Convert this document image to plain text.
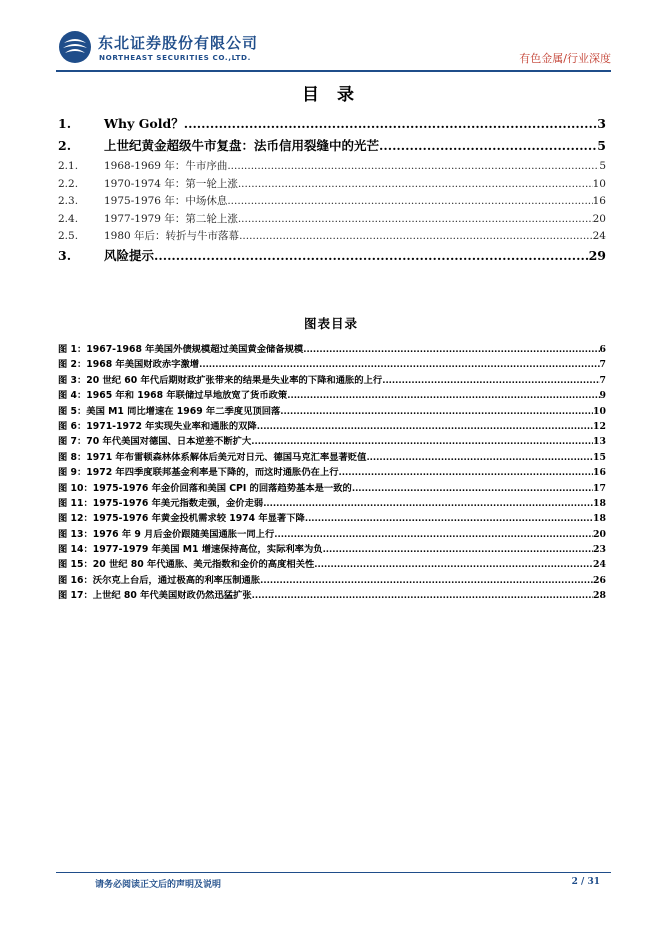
东北证券股份有限公司
NORTHEAST SECURITIES CO.,LTD.	有色金属/行业深度
目 录
1.	Why Gold？ .....	3
2.	上世纪黄金超级牛市复盘：法币信用裂缝中的光芒 .....	5
2.1.	1968-1969 年：牛市序曲 .....	5
2.2.	1970-1974 年：第一轮上涨 .....	10
2.3.	1975-1976 年：中场休息 .....	16
2.4.	1977-1979 年：第二轮上涨 .....	20
2.5.	1980 年后：转折与牛市落幕 .....	24
3.	风险提示 .....	29
图表目录
图 1：1967-1968 年美国外债规模超过美国黄金储备规模 .....	6
图 2：1968 年美国财政赤字激增 .....	7
图 3：20 世纪 60 年代后期财政扩张带来的结果是失业率的下降和通胀的上行 .....	7
图 4：1965 年和 1968 年联储过早地放宽了货币政策 .....	9
图 5：美国 M1 同比增速在 1969 年二季度见顶回落 .....	10
图 6：1971-1972 年实现失业率和通胀的双降 .....	12
图 7：70 年代美国对德国、日本逆差不断扩大 .....	13
图 8：1971 年布雷顿森林体系解体后美元对日元、德国马克汇率显著贬值 .....	15
图 9：1972 年四季度联邦基金利率是下降的，而这时通胀仍在上行 .....	16
图 10：1975-1976 年金价回落和美国 CPI 的回落趋势基本是一致的 .....	17
图 11：1975-1976 年美元指数走强，金价走弱 .....	18
图 12：1975-1976 年黄金投机需求较 1974 年显著下降 .....	18
图 13：1976 年 9 月后金价跟随美国通胀一同上行 .....	20
图 14：1977-1979 年美国 M1 增速保持高位，实际利率为负 .....	23
图 15：20 世纪 80 年代通胀、美元指数和金价的高度相关性 .....	24
图 16：沃尔克上台后，通过极高的利率压制通胀 .....	26
图 17：上世纪 80 年代美国财政仍然迅猛扩张 .....	28
请务必阅读正文后的声明及说明	2 / 31
